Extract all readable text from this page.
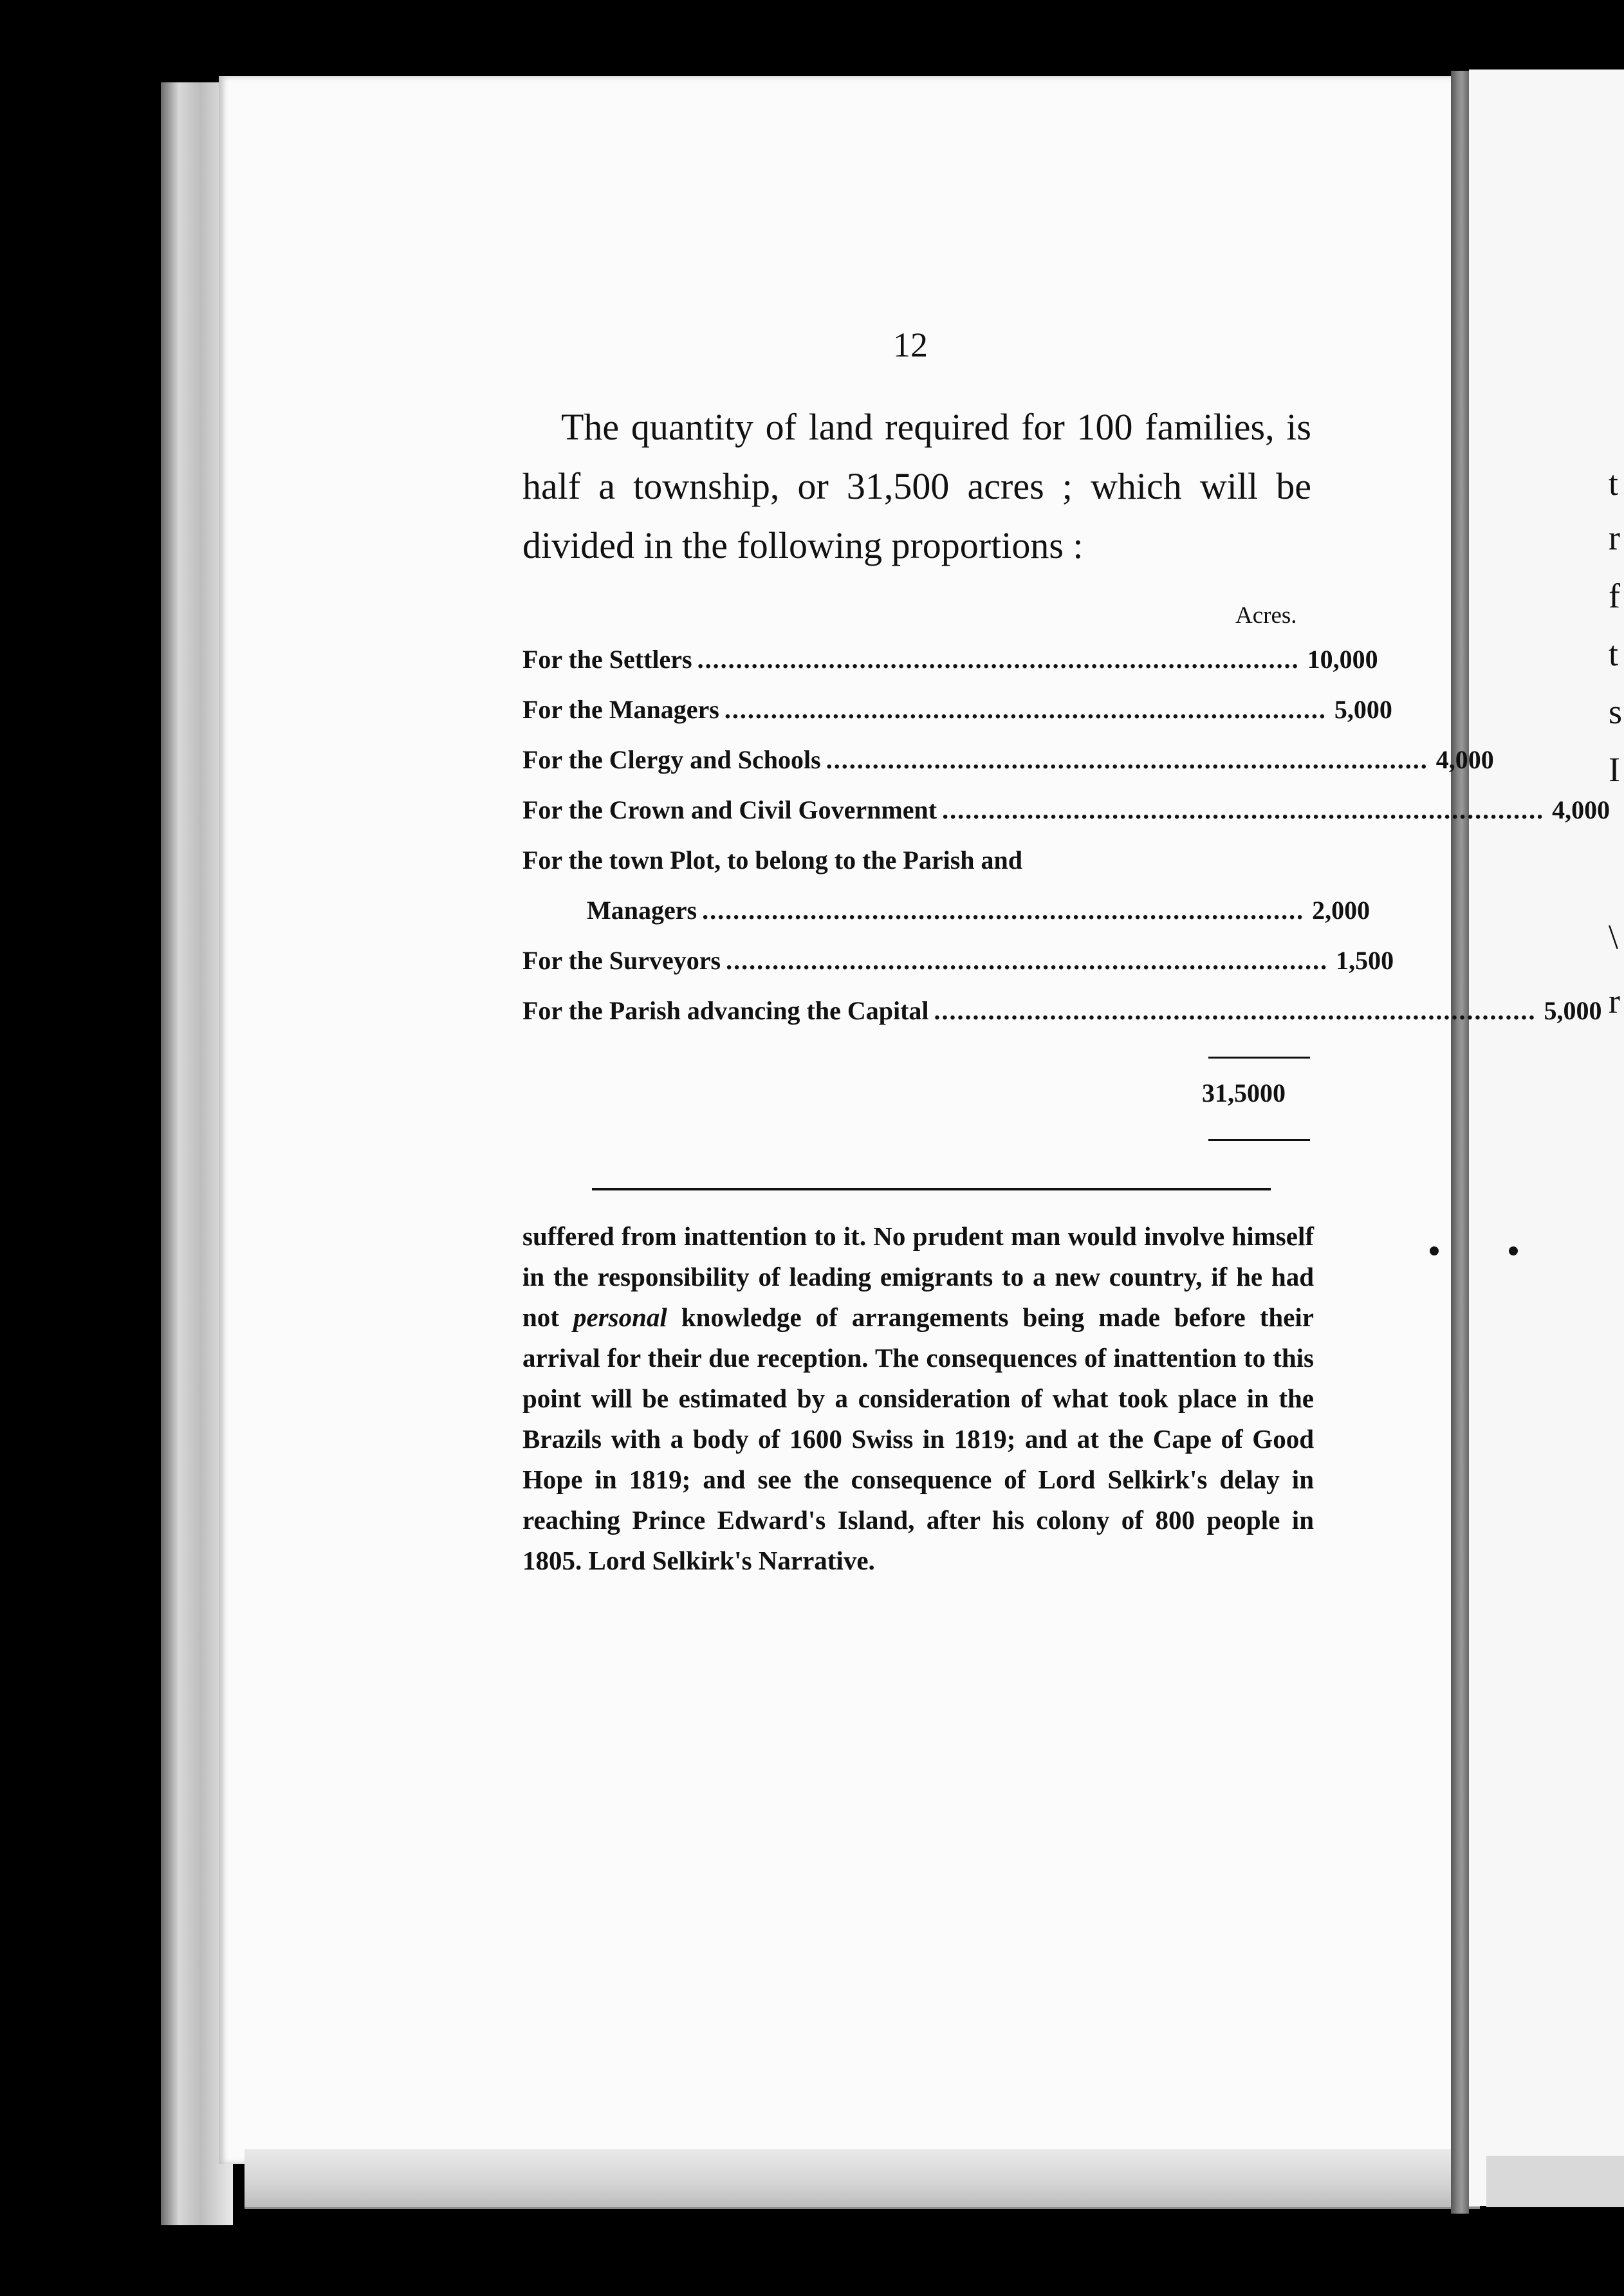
t
r
f
t
s
I
\
r
12
The quantity of land required for 100 families, is half a township, or 31,500 acres ; which will be divided in the following proportions :
Acres.
For the Settlers .............................................................................. 10,000
For the Managers .............................................................................. 5,000
For the Clergy and Schools .............................................................................. 4,000
For the Crown and Civil Government .............................................................................. 4,000
For the town Plot, to belong to the Parish and
Managers .............................................................................. 2,000
For the Surveyors .............................................................................. 1,500
For the Parish advancing the Capital .............................................................................. 5,000
31,5000
suffered from inattention to it. No prudent man would involve himself in the responsibility of leading emigrants to a new country, if he had not personal knowledge of arrangements being made before their arrival for their due reception. The consequences of inattention to this point will be estimated by a consideration of what took place in the Brazils with a body of 1600 Swiss in 1819; and at the Cape of Good Hope in 1819; and see the consequence of Lord Selkirk's delay in reaching Prince Edward's Island, after his colony of 800 people in 1805. Lord Selkirk's Narrative.
